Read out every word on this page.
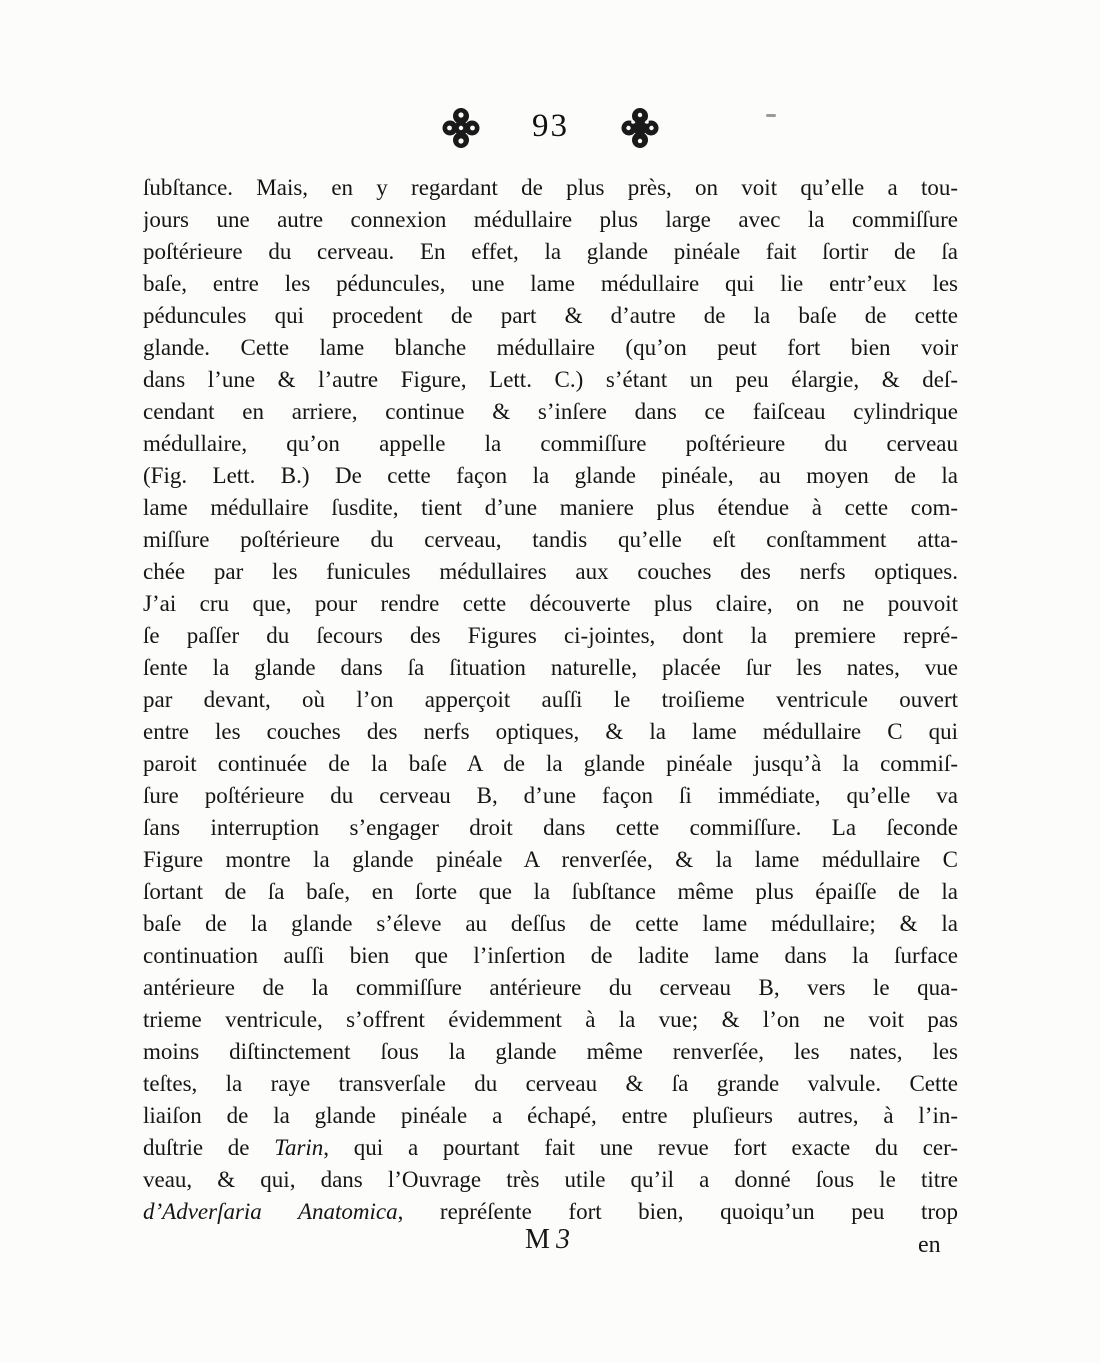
93
ſubſtance. Mais, en y regardant de plus près, on voit qu’elle a tou-
jours une autre connexion médullaire plus large avec la commiſſure
poſtérieure du cerveau. En effet, la glande pinéale fait ſortir de ſa
baſe, entre les péduncules, une lame médullaire qui lie entr’eux les
péduncules qui procedent de part & d’autre de la baſe de cette
glande. Cette lame blanche médullaire (qu’on peut fort bien voir
dans l’une & l’autre Figure, Lett. C.) s’étant un peu élargie, & deſ-
cendant en arriere, continue & s’inſere dans ce faiſceau cylindrique
médullaire, qu’on appelle la commiſſure poſtérieure du cerveau
(Fig. Lett. B.) De cette façon la glande pinéale, au moyen de la
lame médullaire ſusdite, tient d’une maniere plus étendue à cette com-
miſſure poſtérieure du cerveau, tandis qu’elle eſt conſtamment atta-
chée par les funicules médullaires aux couches des nerfs optiques.
J’ai cru que, pour rendre cette découverte plus claire, on ne pouvoit
ſe paſſer du ſecours des Figures ci-jointes, dont la premiere repré-
ſente la glande dans ſa ſituation naturelle, placée ſur les nates, vue
par devant, où l’on apperçoit auſſi le troiſieme ventricule ouvert
entre les couches des nerfs optiques, & la lame médullaire C qui
paroit continuée de la baſe A de la glande pinéale jusqu’à la commiſ-
ſure poſtérieure du cerveau B, d’une façon ſi immédiate, qu’elle va
ſans interruption s’engager droit dans cette commiſſure. La ſeconde
Figure montre la glande pinéale A renverſée, & la lame médullaire C
ſortant de ſa baſe, en ſorte que la ſubſtance même plus épaiſſe de la
baſe de la glande s’éleve au deſſus de cette lame médullaire; & la
continuation auſſi bien que l’inſertion de ladite lame dans la ſurface
antérieure de la commiſſure antérieure du cerveau B, vers le qua-
trieme ventricule, s’offrent évidemment à la vue; & l’on ne voit pas
moins diſtinctement ſous la glande même renverſée, les nates, les
teſtes, la raye transverſale du cerveau & ſa grande valvule. Cette
liaiſon de la glande pinéale a échapé, entre pluſieurs autres, à l’in-
duſtrie de Tarin, qui a pourtant fait une revue fort exacte du cer-
veau, & qui, dans l’Ouvrage très utile qu’il a donné ſous le titre
d’Adverſaria Anatomica, repréſente fort bien, quoiqu’un peu trop
M3	en
